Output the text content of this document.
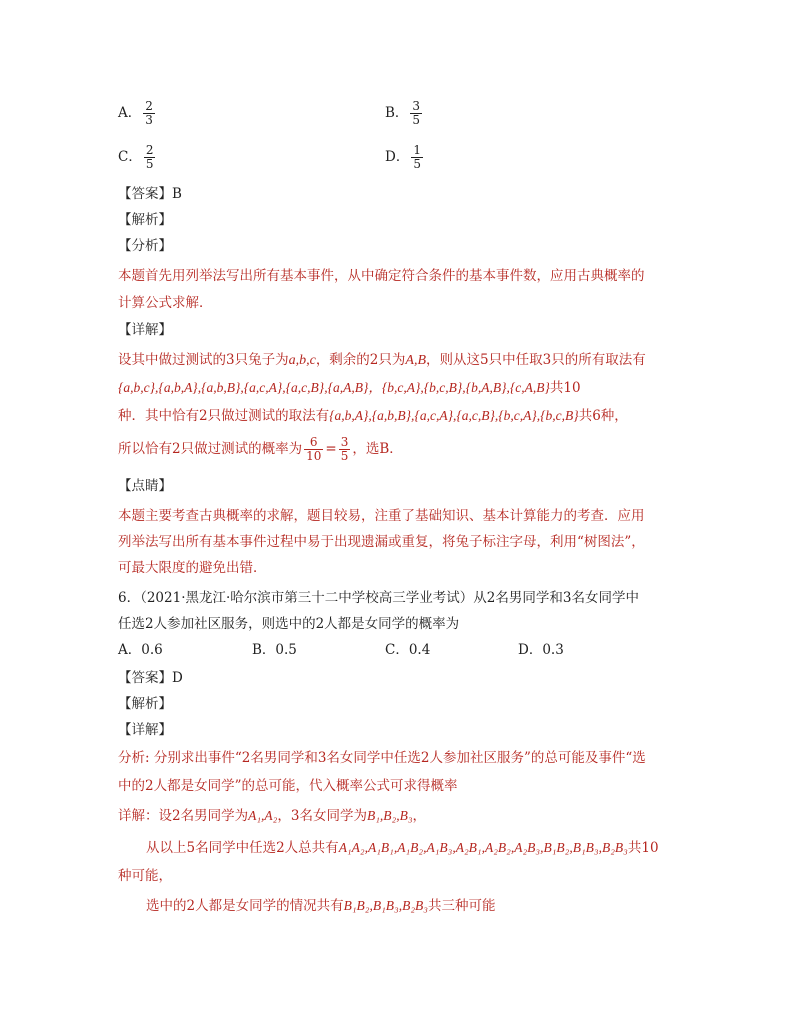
A． $\frac{2}{3}$	B． $\frac{3}{5}$
C． $\frac{2}{5}$	D． $\frac{1}{5}$
【答案】B
【解析】
【分析】
本题首先用列举法写出所有基本事件，从中确定符合条件的基本事件数，应用古典概率的
计算公式求解．
【详解】
设其中做过测试的3只兔子为a,b,c，剩余的2只为A,B，则从这5只中任取3只的所有取法有
{a,b,c},{a,b,A},{a,b,B},{a,c,A},{a,c,B},{a,A,B}，{b,c,A},{b,c,B},{b,A,B},{c,A,B}共10
种．其中恰有2只做过测试的取法有{a,b,A},{a,b,B},{a,c,A},{a,c,B},{b,c,A},{b,c,B}共6种，
所以恰有2只做过测试的概率为 $\frac{6}{10} = \frac{3}{5}$ ，选B．
【点睛】
本题主要考查古典概率的求解，题目较易，注重了基础知识、基本计算能力的考查．应用
列举法写出所有基本事件过程中易于出现遗漏或重复，将兔子标注字母，利用“树图法”，
可最大限度的避免出错．
6．（2021·黑龙江·哈尔滨市第三十二中学校高三学业考试）从2名男同学和3名女同学中
任选2人参加社区服务，则选中的2人都是女同学的概率为
A．0.6	B．0.5	C．0.4	D．0.3
【答案】D
【解析】
【详解】
分析: 分别求出事件“2名男同学和3名女同学中任选2人参加社区服务”的总可能及事件“选
中的2人都是女同学”的总可能，代入概率公式可求得概率
详解：设2名男同学为A₁,A₂，3名女同学为B₁,B₂,B₃，
从以上5名同学中任选2人总共有A₁A₂,A₁B₁,A₁B₂,A₁B₃,A₂B₁,A₂B₂,A₂B₃,B₁B₂,B₁B₃,B₂B₃共10
种可能，
选中的2人都是女同学的情况共有B₁B₂,B₁B₃,B₂B₃共三种可能
